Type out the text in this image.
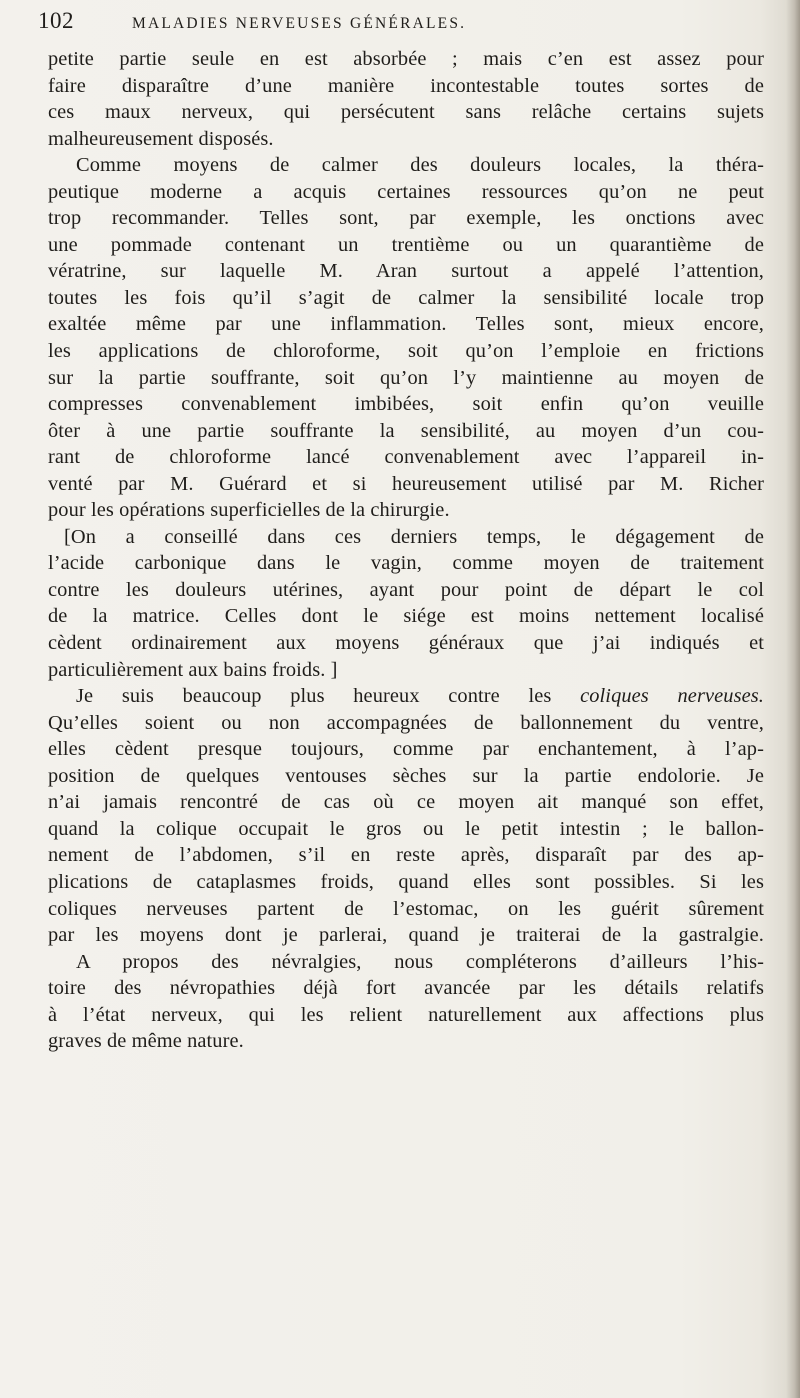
102	MALADIES NERVEUSES GÉNÉRALES.
petite partie seule en est absorbée ; mais c’en est assez pour
faire disparaître d’une manière incontestable toutes sortes de
ces maux nerveux, qui persécutent sans relâche certains sujets
malheureusement disposés.
Comme moyens de calmer des douleurs locales, la théra-
peutique moderne a acquis certaines ressources qu’on ne peut
trop recommander. Telles sont, par exemple, les onctions avec
une pommade contenant un trentième ou un quarantième de
vératrine, sur laquelle M. Aran surtout a appelé l’attention,
toutes les fois qu’il s’agit de calmer la sensibilité locale trop
exaltée même par une inflammation. Telles sont, mieux encore,
les applications de chloroforme, soit qu’on l’emploie en frictions
sur la partie souffrante, soit qu’on l’y maintienne au moyen de
compresses convenablement imbibées, soit enfin qu’on veuille
ôter à une partie souffrante la sensibilité, au moyen d’un cou-
rant de chloroforme lancé convenablement avec l’appareil in-
venté par M. Guérard et si heureusement utilisé par M. Richer
pour les opérations superficielles de la chirurgie.
[On a conseillé dans ces derniers temps, le dégagement de
l’acide carbonique dans le vagin, comme moyen de traitement
contre les douleurs utérines, ayant pour point de départ le col
de la matrice. Celles dont le siége est moins nettement localisé
cèdent ordinairement aux moyens généraux que j’ai indiqués et
particulièrement aux bains froids. ]
Je suis beaucoup plus heureux contre les coliques nerveuses.
Qu’elles soient ou non accompagnées de ballonnement du ventre,
elles cèdent presque toujours, comme par enchantement, à l’ap-
position de quelques ventouses sèches sur la partie endolorie. Je
n’ai jamais rencontré de cas où ce moyen ait manqué son effet,
quand la colique occupait le gros ou le petit intestin ; le ballon-
nement de l’abdomen, s’il en reste après, disparaît par des ap-
plications de cataplasmes froids, quand elles sont possibles. Si les
coliques nerveuses partent de l’estomac, on les guérit sûrement
par les moyens dont je parlerai, quand je traiterai de la gastralgie.
A propos des névralgies, nous compléterons d’ailleurs l’his-
toire des névropathies déjà fort avancée par les détails relatifs
à l’état nerveux, qui les relient naturellement aux affections plus
graves de même nature.
